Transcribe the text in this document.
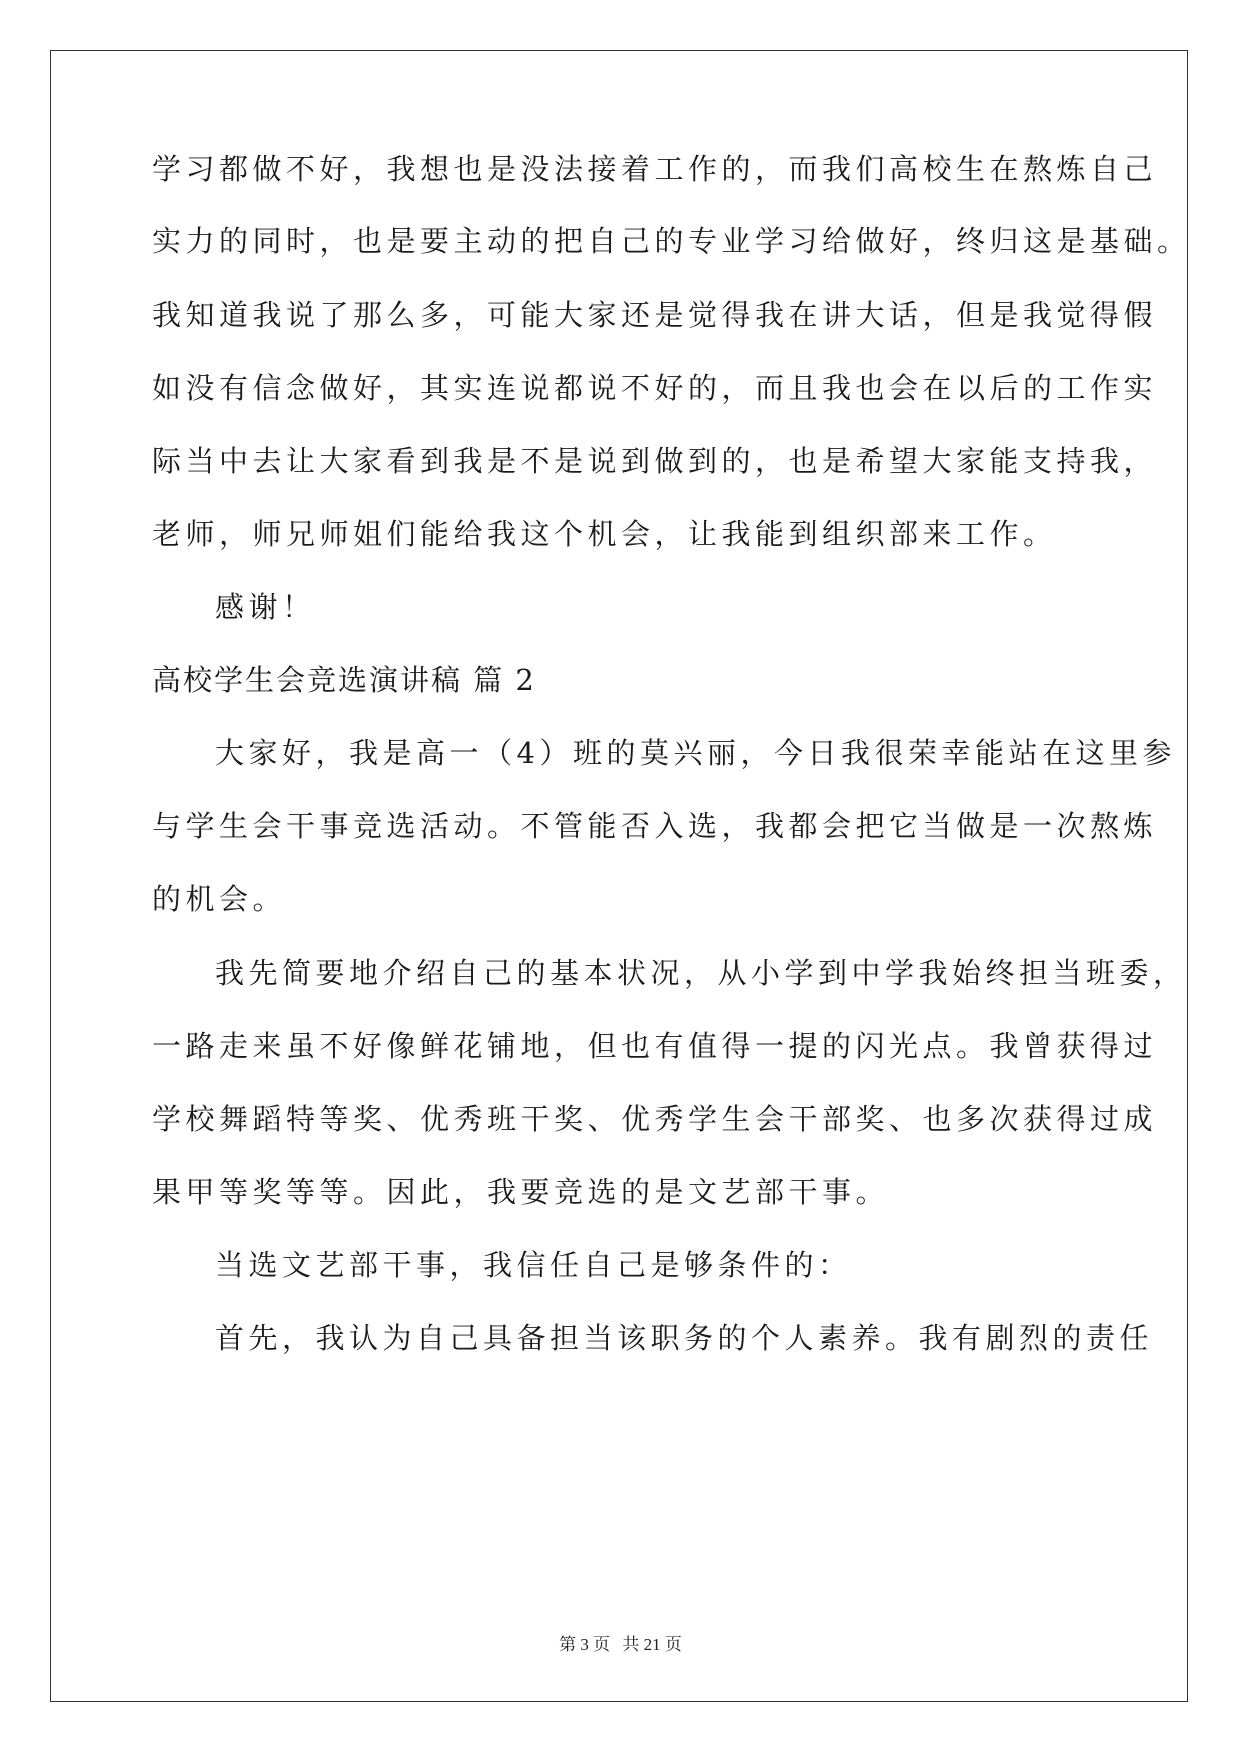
学习都做不好，我想也是没法接着工作的，而我们高校生在熬炼自己
实力的同时，也是要主动的把自己的专业学习给做好，终归这是基础。
我知道我说了那么多，可能大家还是觉得我在讲大话，但是我觉得假
如没有信念做好，其实连说都说不好的，而且我也会在以后的工作实
际当中去让大家看到我是不是说到做到的，也是希望大家能支持我，
老师，师兄师姐们能给我这个机会，让我能到组织部来工作。
感谢！
高校学生会竞选演讲稿 篇 2
大家好，我是高一（4）班的莫兴丽，今日我很荣幸能站在这里参
与学生会干事竞选活动。不管能否入选，我都会把它当做是一次熬炼
的机会。
我先简要地介绍自己的基本状况，从小学到中学我始终担当班委，
一路走来虽不好像鲜花铺地，但也有值得一提的闪光点。我曾获得过
学校舞蹈特等奖、优秀班干奖、优秀学生会干部奖、也多次获得过成
果甲等奖等等。因此，我要竞选的是文艺部干事。
当选文艺部干事，我信任自己是够条件的：
首先，我认为自己具备担当该职务的个人素养。我有剧烈的责任
第 3 页 共 21 页
